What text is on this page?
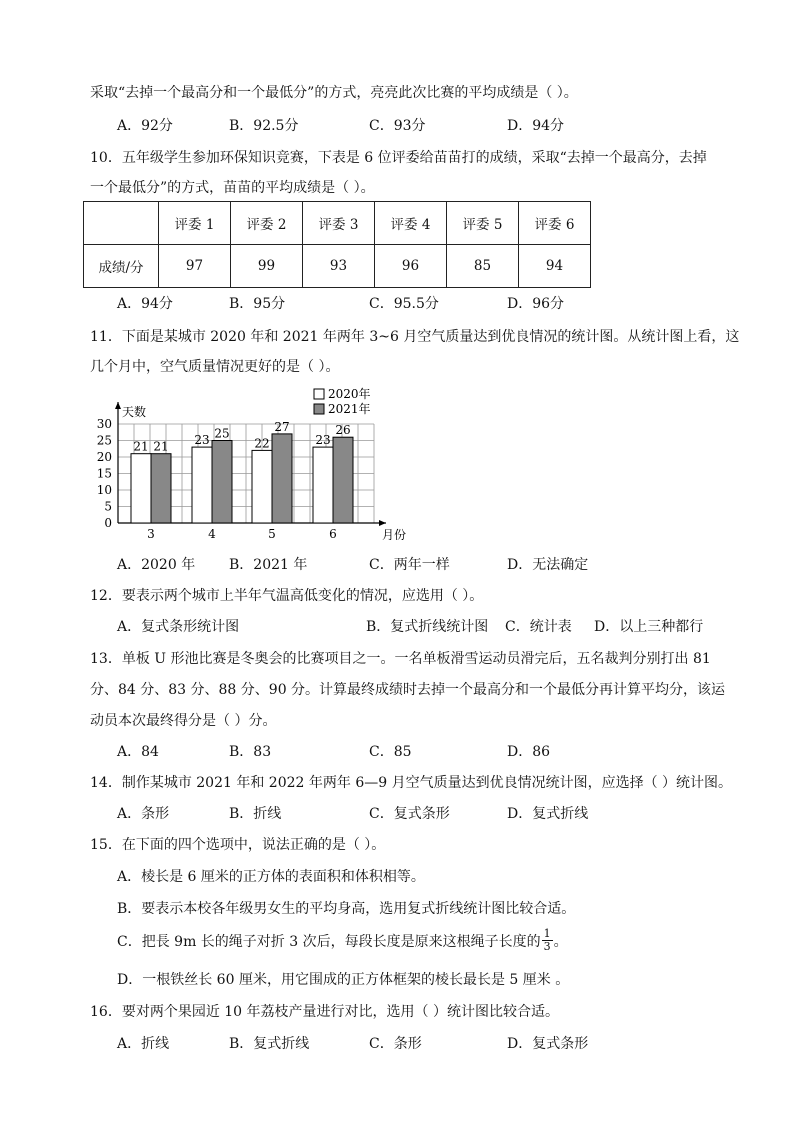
采取“去掉一个最高分和一个最低分”的方式，亮亮此次比赛的平均成绩是（ ）。
A．92分	B．92.5分	C．93分	D．94分
10．五年级学生参加环保知识竞赛，下表是 6 位评委给苗苗打的成绩，采取“去掉一个最高分，去掉
一个最低分”的方式，苗苗的平均成绩是（ ）。
	评委 1	评委 2	评委 3	评委 4	评委 5	评委 6
成绩/分	97	99	93	96	85	94
A．94分	B．95分	C．95.5分	D．96分
11．下面是某城市 2020 年和 2021 年两年 3~6 月空气质量达到优良情况的统计图。从统计图上看，这
几个月中，空气质量情况更好的是（ ）。
0
5
10
15
20
25
30
天数
月份
21 21
3
23 25
4
22
27
5
23
26
6
2020年
2021年
A．2020 年 B．2021 年	C．两年一样	D．无法确定
12．要表示两个城市上半年气温高低变化的情况，应选用（ ）。
A．复式条形统计图	B．复式折线统计图 C．统计表 D．以上三种都行
13．单板 U 形池比赛是冬奥会的比赛项目之一。一名单板滑雪运动员滑完后，五名裁判分别打出 81
分、84 分、83 分、88 分、90 分。计算最终成绩时去掉一个最高分和一个最低分再计算平均分，该运
动员本次最终得分是（ ）分。
A．84	B．83	C．85	D．86
14．制作某城市 2021 年和 2022 年两年 6—9 月空气质量达到优良情况统计图，应选择（ ）统计图。
A．条形	B．折线	C．复式条形	D．复式折线
15．在下面的四个选项中，说法正确的是（ ）。
A．棱长是 6 厘米的正方体的表面积和体积相等。
B．要表示本校各年级男女生的平均身高，选用复式折线统计图比较合适。
C．把長 9m 长的绳子对折 3 次后，每段长度是原来这根绳子长度的 $\frac{1}{3}$ 。
D．一根铁丝长 60 厘米，用它围成的正方体框架的棱长最长是 5 厘米 。
16．要对两个果园近 10 年荔枝产量进行对比，选用（ ）统计图比较合适。
A．折线	B．复式折线	C．条形	D．复式条形
